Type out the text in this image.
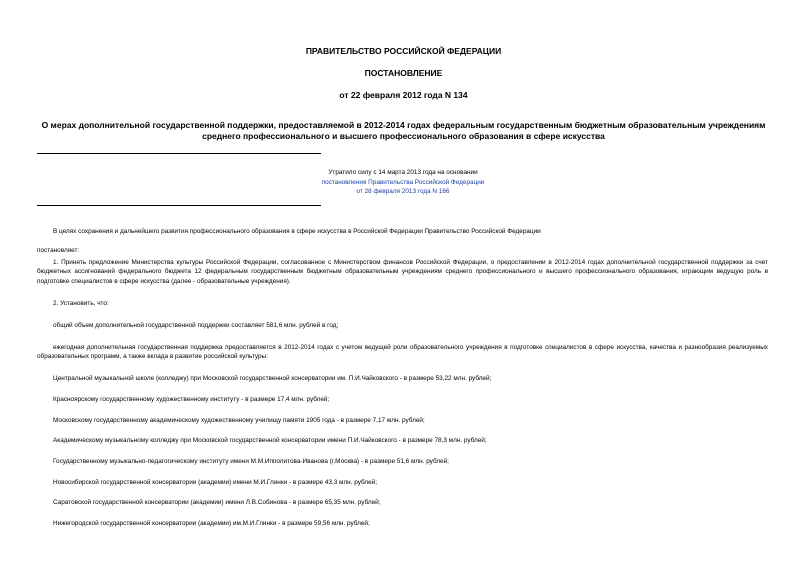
ПРАВИТЕЛЬСТВО РОССИЙСКОЙ ФЕДЕРАЦИИ
ПОСТАНОВЛЕНИЕ
от 22 февраля 2012 года N 134
О мерах дополнительной государственной поддержки, предоставляемой в 2012-2014 годах федеральным государственным бюджетным образовательным учреждениям среднего профессионального и высшего профессионального образования в сфере искусства
Утратило силу с 14 марта 2013 года на основании
постановления Правительства Российской Федерации
от 28 февраля 2013 года N 166
В целях сохранения и дальнейшего развития профессионального образования в сфере искусства в Российской Федерации Правительство Российской Федерации
постановляет:
1. Принять предложение Министерства культуры Российской Федерации, согласованное с Министерством финансов Российской Федерации, о предоставлении в 2012-2014 годах дополнительной государственной поддержки за счет бюджетных ассигнований федерального бюджета 12 федеральным государственным бюджетным образовательным учреждениям среднего профессионального и высшего профессионального образования, играющим ведущую роль в подготовке специалистов в сфере искусства (далее - образовательные учреждения).
2. Установить, что:
общий объем дополнительной государственной поддержки составляет 581,6 млн. рублей в год;
ежегодная дополнительная государственная поддержка предоставляется в 2012-2014 годах с учетом ведущей роли образовательного учреждения в подготовке специалистов в сфере искусства, качества и разнообразия реализуемых образовательных программ, а также вклада в развитие российской культуры:
Центральной музыкальной школе (колледжу) при Московской государственной консерватории им. П.И.Чайковского - в размере 53,22 млн. рублей;
Красноярскому государственному художественному институту - в размере 17,4 млн. рублей;
Московскому государственному академическому художественному училищу памяти 1905 года - в размере 7,17 млн. рублей;
Академическому музыкальному колледжу при Московской государственной консерватории имени П.И.Чайковского - в размере 78,3 млн. рублей;
Государственному музыкально-педагогическому институту имени М.М.Ипполитова-Иванова (г.Москва) - в размере 51,6 млн. рублей;
Новосибирской государственной консерватории (академии) имени М.И.Глинки - в размере 43,3 млн. рублей;
Саратовской государственной консерватории (академии) имени Л.В.Собинова - в размере 65,35 млн. рублей;
Нижегородской государственной консерватории (академии) им.М.И.Глинки - в размере 59,56 млн. рублей;
